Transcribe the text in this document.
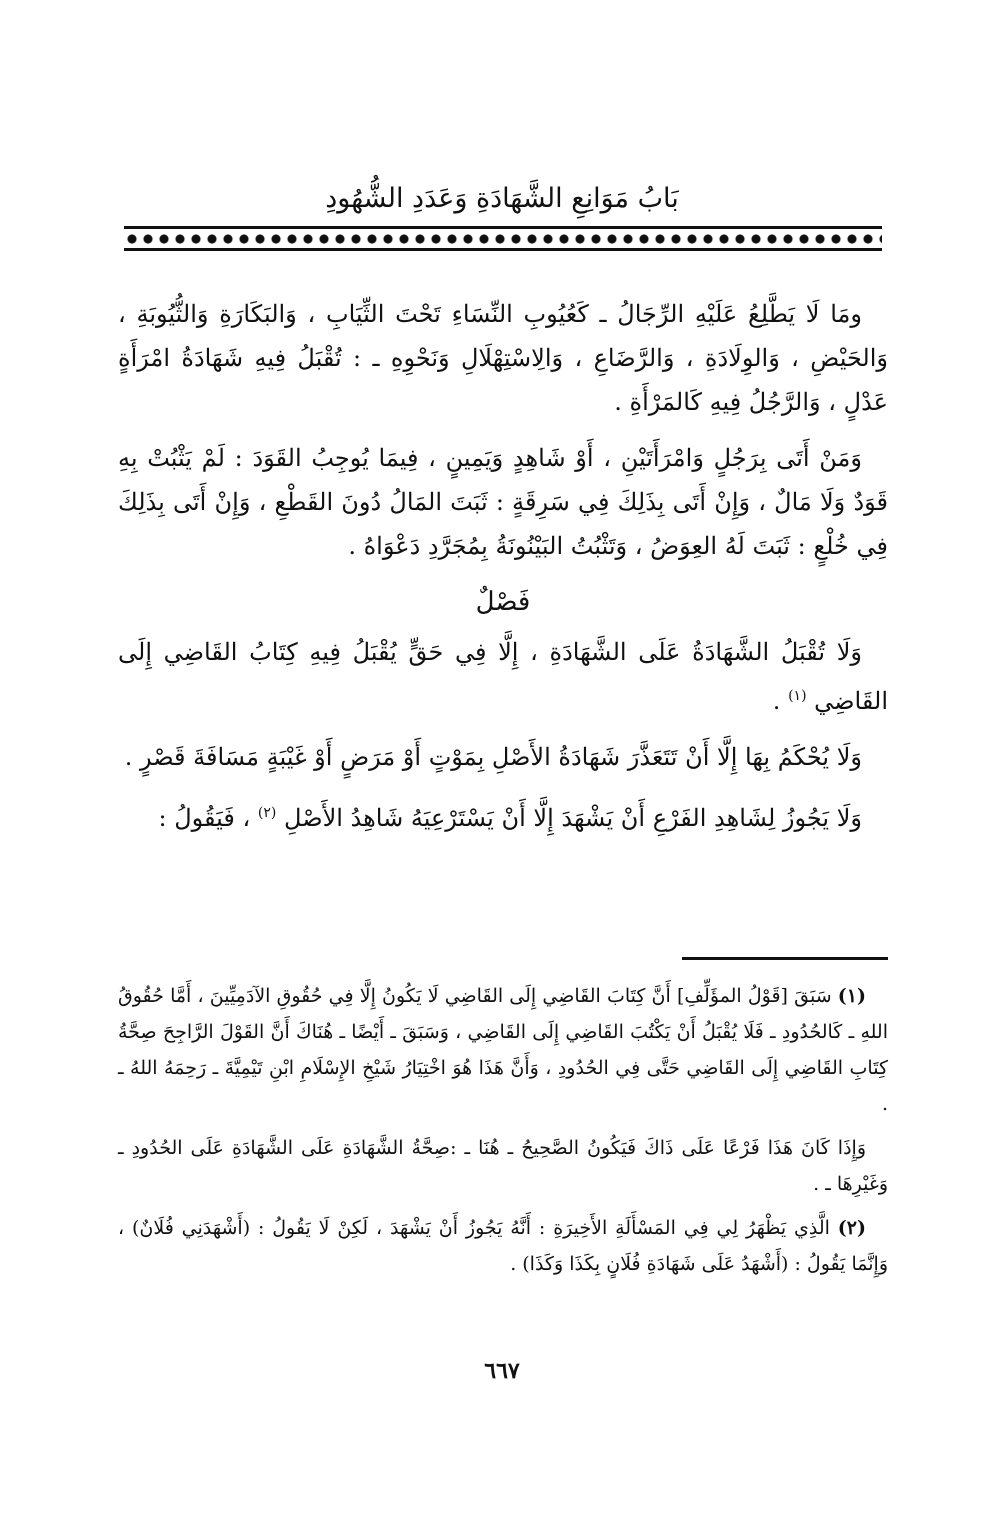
بَابُ مَوَانِعِ الشَّهَادَةِ وَعَدَدِ الشُّهُودِ

ومَا لَا يَطَّلِعُ عَلَيْهِ الرِّجَالُ ـ كَعُيُوبِ النِّسَاءِ تَحْتَ الثِّيَابِ ، وَالبَكَارَةِ وَالثُّيُوبَةِ ، وَالحَيْضِ ، وَالوِلَادَةِ ، وَالرَّضَاعِ ، وَالِاسْتِهْلَالِ وَنَحْوِهِ ـ : تُقْبَلُ فِيهِ شَهَادَةُ امْرَأَةٍ عَدْلٍ ، وَالرَّجُلُ فِيهِ كَالمَرْأَةِ .

وَمَنْ أَتَى بِرَجُلٍ وَامْرَأَتَيْنِ ، أَوْ شَاهِدٍ وَيَمِينٍ ، فِيمَا يُوجِبُ القَوَدَ : لَمْ يَثْبُتْ بِهِ قَوَدٌ وَلَا مَالٌ ، وَإِنْ أَتَى بِذَلِكَ فِي سَرِقَةٍ : ثَبَتَ المَالُ دُونَ القَطْعِ ، وَإِنْ أَتَى بِذَلِكَ فِي خُلْعٍ : ثَبَتَ لَهُ العِوَضُ ، وَتَثْبُتُ البَيْنُونَةُ بِمُجَرَّدِ دَعْوَاهُ .

فَصْلٌ

وَلَا تُقْبَلُ الشَّهَادَةُ عَلَى الشَّهَادَةِ ، إِلَّا فِي حَقٍّ يُقْبَلُ فِيهِ كِتَابُ القَاضِي إِلَى القَاضِي $^{(١)}$ .

وَلَا يُحْكَمُ بِهَا إِلَّا أَنْ تَتَعَذَّرَ شَهَادَةُ الأَصْلِ بِمَوْتٍ أَوْ مَرَضٍ أَوْ غَيْبَةٍ مَسَافَةَ قَصْرٍ .

وَلَا يَجُوزُ لِشَاهِدِ الفَرْعِ أَنْ يَشْهَدَ إِلَّا أَنْ يَسْتَرْعِيَهُ شَاهِدُ الأَصْلِ $^{(٢)}$ ، فَيَقُولُ :

(١) سَبَقَ [قَوْلُ المؤَلِّفِ] أَنَّ كِتَابَ القَاضِي إِلَى القَاضِي لَا يَكُونُ إِلَّا فِي حُقُوقِ الآدَمِيِّينَ ، أَمَّا حُقُوقُ اللهِ ـ كَالحُدُودِ ـ فَلَا يُقْبَلُ أَنْ يَكْتُبَ القَاضِي إِلَى القَاضِي ، وَسَبَقَ ـ أَيْضًا ـ هُنَاكَ أَنَّ القَوْلَ الرَّاجِحَ صِحَّةُ كِتَابِ القَاضِي إِلَى القَاضِي حَتَّى فِي الحُدُودِ ، وَأَنَّ هَذَا هُوَ اخْتِيَارُ شَيْخِ الإِسْلَامِ ابْنِ تَيْمِيَّةَ ـ رَحِمَهُ اللهُ ـ .

وَإِذَا كَانَ هَذَا فَرْعًا عَلَى ذَاكَ فَيَكُونُ الصَّحِيحُ ـ هُنَا ـ :صِحَّةُ الشَّهَادَةِ عَلَى الشَّهَادَةِ عَلَى الحُدُودِ ـ وَغَيْرِهَا ـ .

(٢) الَّذِي يَظْهَرُ لِي فِي المَسْأَلَةِ الأَخِيرَةِ : أَنَّهُ يَجُوزُ أَنْ يَشْهَدَ ، لَكِنْ لَا يَقُولُ : (أَشْهَدَنِي فُلَانٌ) ، وَإِنَّمَا يَقُولُ : (أَشْهَدُ عَلَى شَهَادَةِ فُلَانٍ بِكَذَا وَكَذَا) .

٦٦٧
